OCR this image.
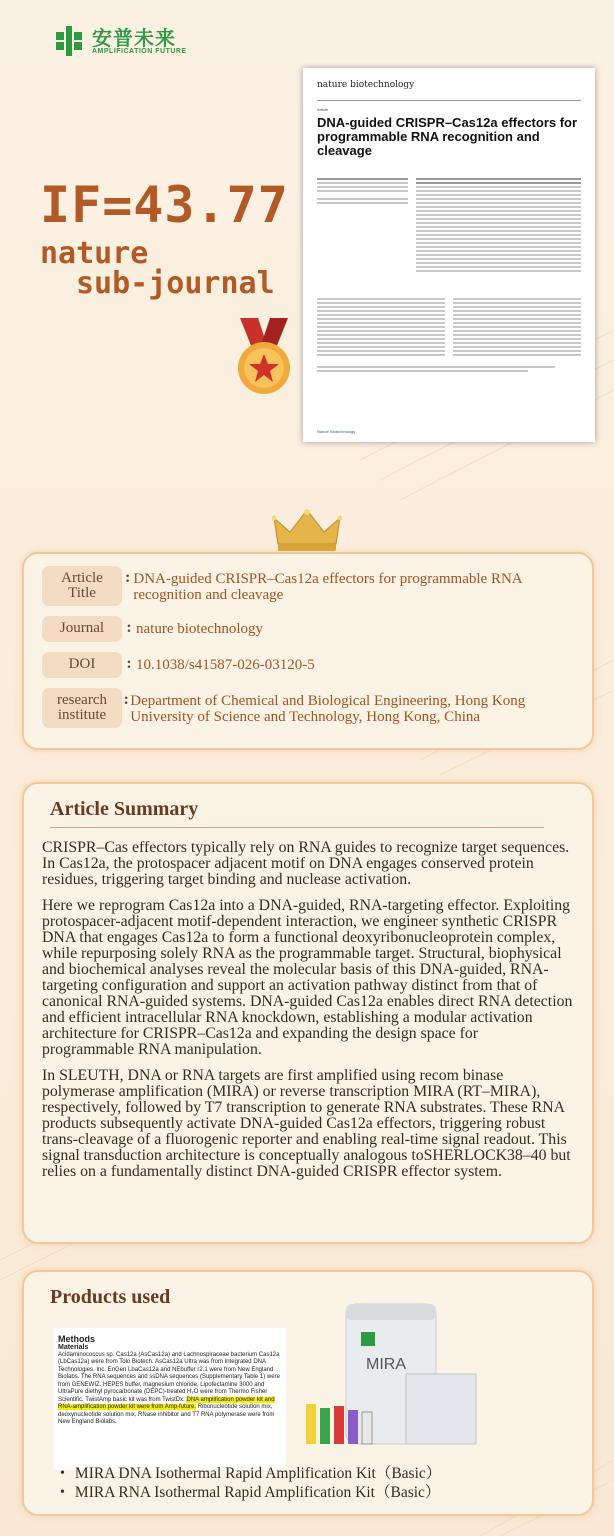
安普未来
AMPLIFICATION FUTURE
IF=43.77
nature
sub-journal
nature biotechnology
Article
DNA-guided CRISPR–Cas12a effectors for programmable RNA recognition and cleavage
Nature Biotechnology
Article Title
: DNA-guided CRISPR–Cas12a effectors for programmable RNA recognition and cleavage
Journal	: nature biotechnology
DOI	: 10.1038/s41587-026-03120-5
research institute
: Department of Chemical and Biological Engineering, Hong Kong University of Science and Technology, Hong Kong, China
Article Summary

CRISPR–Cas effectors typically rely on RNA guides to recognize target sequences. In Cas12a, the protospacer adjacent motif on DNA engages conserved protein residues, triggering target binding and nuclease activation.

Here we reprogram Cas12a into a DNA-guided, RNA-targeting effector. Exploiting protospacer-adjacent motif-dependent interaction, we engineer synthetic CRISPR DNA that engages Cas12a to form a functional deoxyribonucleoprotein complex, while repurposing solely RNA as the programmable target. Structural, biophysical and biochemical analyses reveal the molecular basis of this DNA-guided, RNA-targeting configuration and support an activation pathway distinct from that of canonical RNA-guided systems. DNA-guided Cas12a enables direct RNA detection and efficient intracellular RNA knockdown, establishing a modular activation architecture for CRISPR–Cas12a and expanding the design space for programmable RNA manipulation.

In SLEUTH, DNA or RNA targets are first amplified using recom binase polymerase amplification (MIRA) or reverse transcription MIRA (RT–MIRA), respectively, followed by T7 transcription to generate RNA substrates. These RNA products subsequently activate DNA-guided Cas12a effectors, triggering robust trans-cleavage of a fluorogenic reporter and enabling real-time signal readout. This signal transduction architecture is conceptually analogous toSHERLOCK38–40 but relies on a fundamentally distinct DNA-guided CRISPR effector system.

Products used
Methods
Materials
Acidaminococcus sp. Cas12a (AsCas12a) and Lachnospiraceae bacterium Cas12a (LbCas12a) were from Tolo Biotech. AsCas12a Ultra was from Integrated DNA Technologies. Inc. EnGen LbaCas12a and NEbuffer r2.1 were from New England Biolabs. The RNA sequences and ssDNA sequences (Supplementary Table 1) were from GENEWIZ. HEPES buffer, magnesium chloride, Lipofectamine 3000 and UltraPure diethyl pyrocarbonate (DEPC)-treated H₂O were from Thermo Fisher Scientific. TwistAmp basic kit was from TwistDx. DNA amplification powder kit and RNA-amplification powder kit were from Amp-future. Ribonucleotide solution mix, deoxynucleotide solution mix, RNase inhibitor and T7 RNA polymerase were from New England Biolabs.
MIRA
• MIRA DNA Isothermal Rapid Amplification Kit（Basic）
• MIRA RNA Isothermal Rapid Amplification Kit（Basic）
